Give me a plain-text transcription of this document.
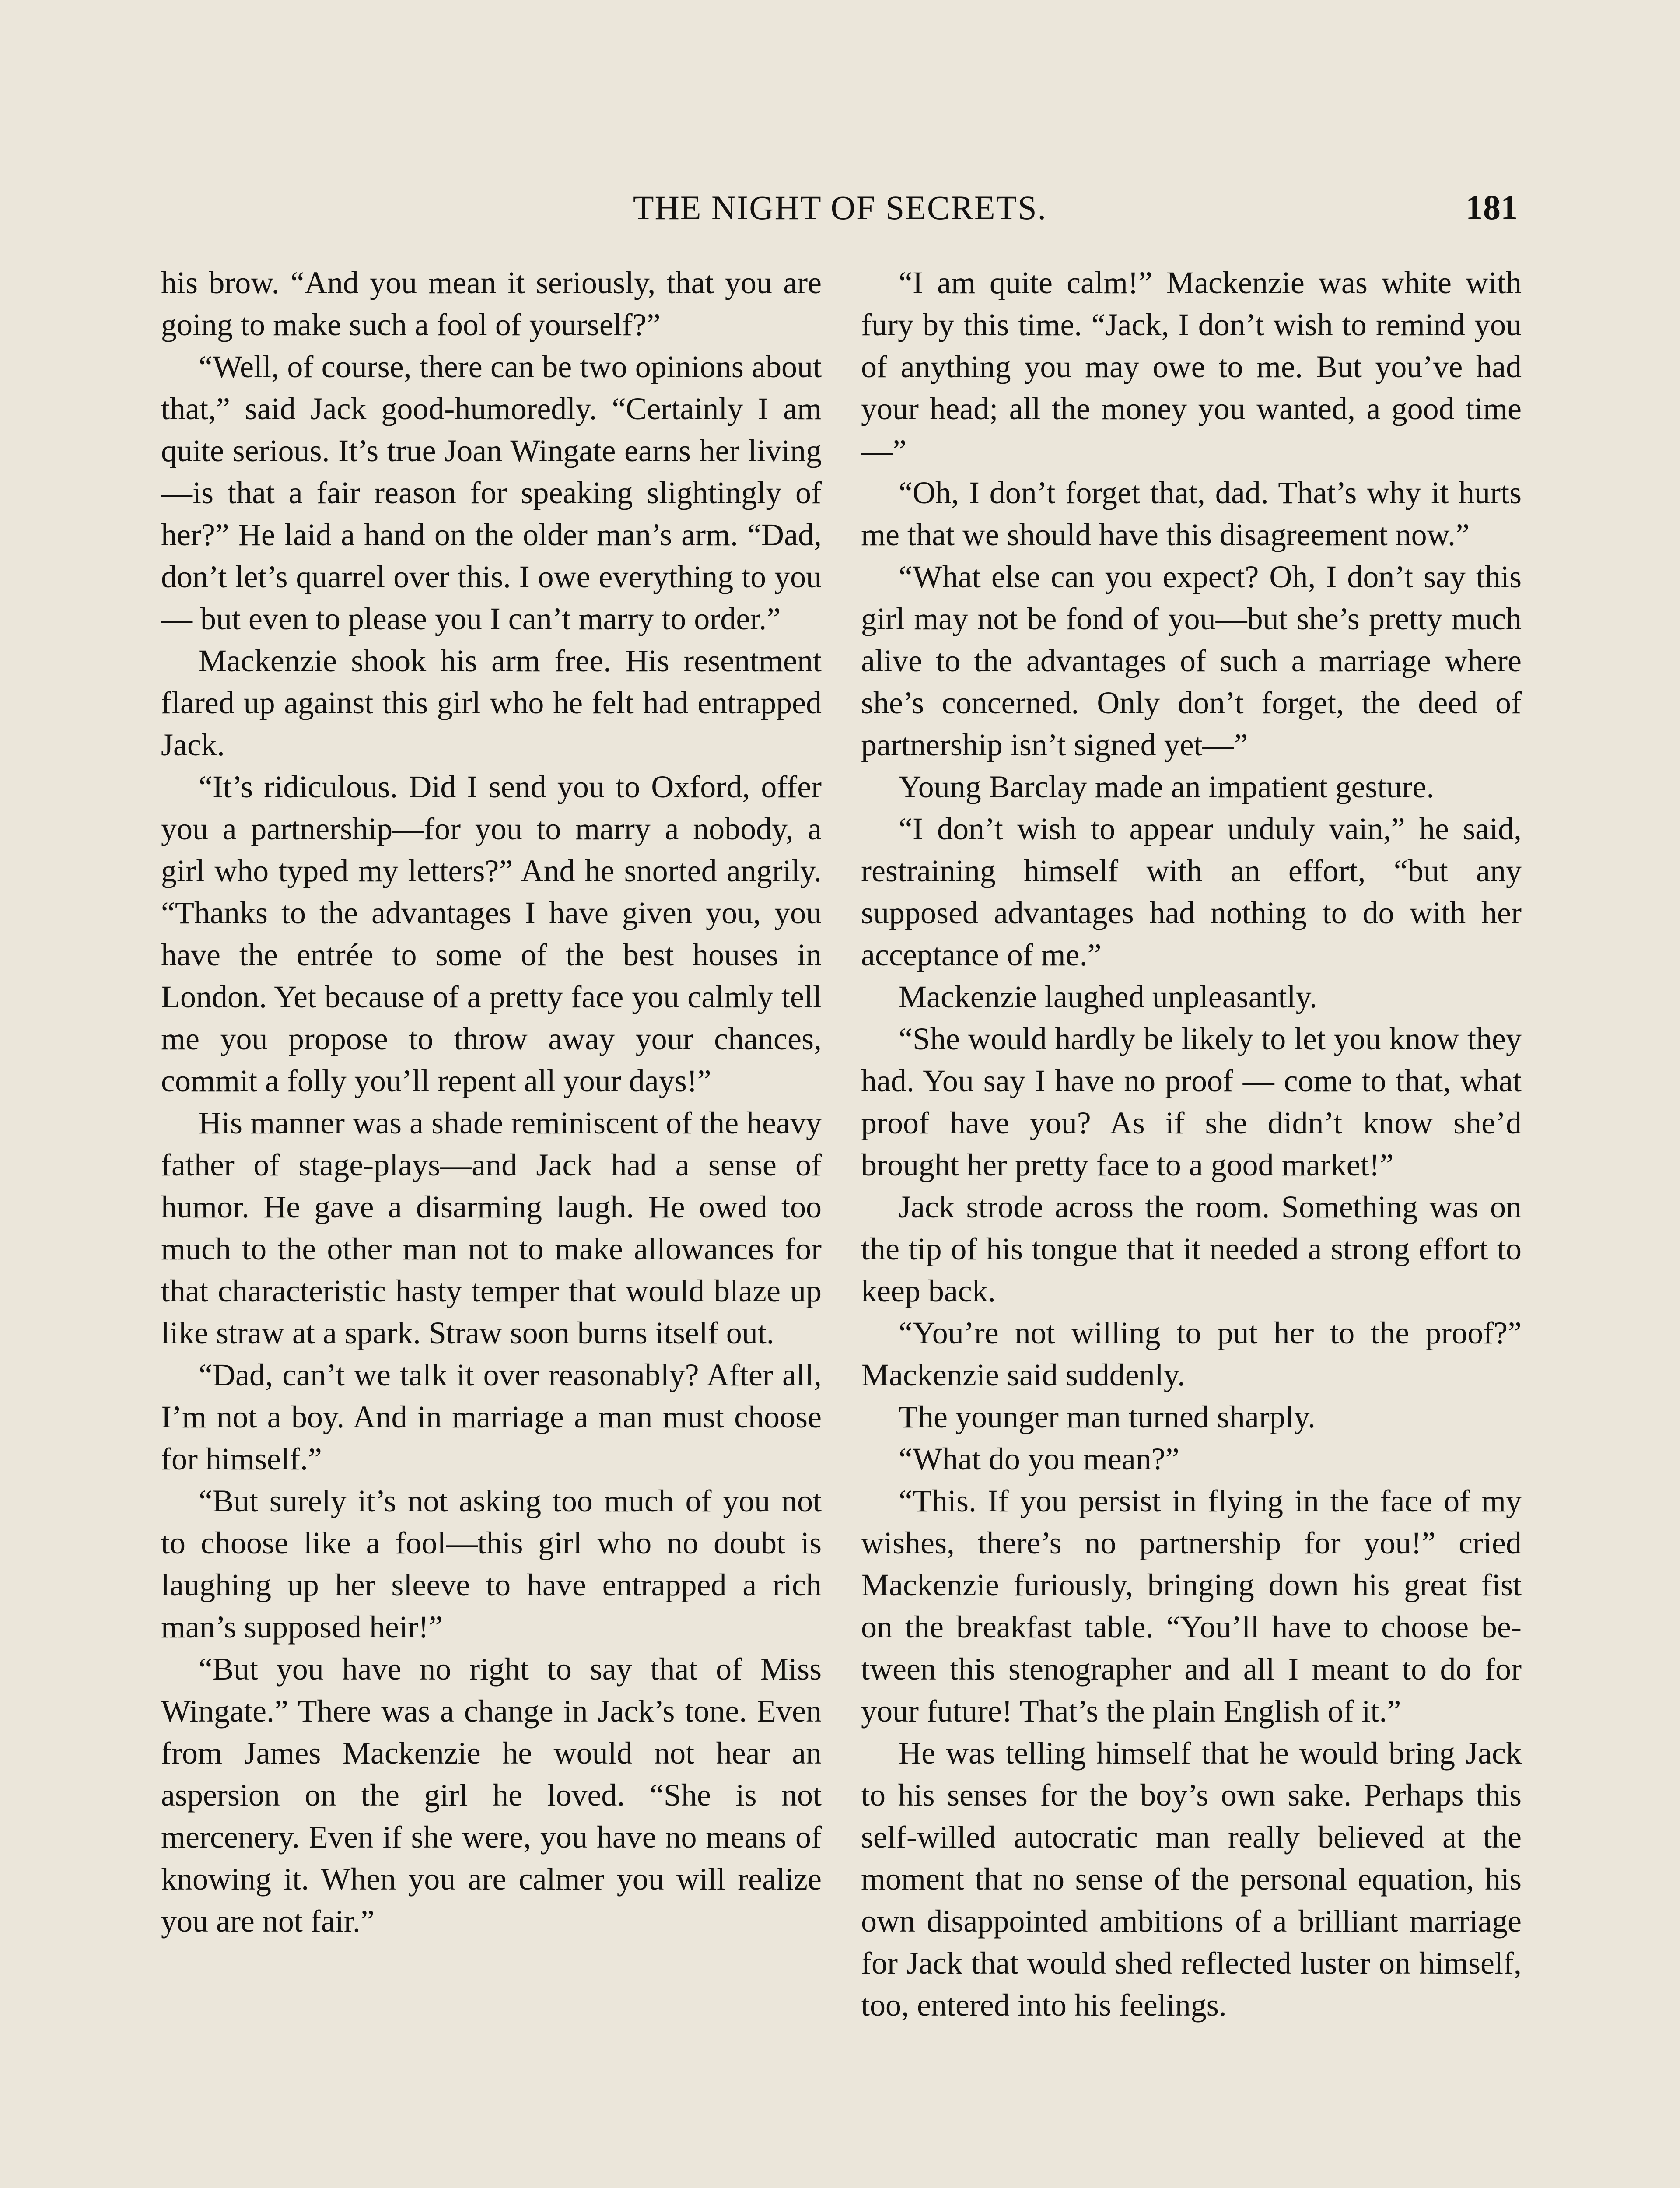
THE NIGHT OF SECRETS.	181

his brow. “And you mean it seriously, that you are going to make such a fool of yourself?”

“Well, of course, there can be two opinions about that,” said Jack good-humoredly. “Certainly I am quite serious. It’s true Joan Wingate earns her living—is that a fair reason for speaking slightingly of her?” He laid a hand on the older man’s arm. “Dad, don’t let’s quarrel over this. I owe everything to you — but even to please you I can’t marry to order.”

Mackenzie shook his arm free. His resentment flared up against this girl who he felt had entrapped Jack.

“It’s ridiculous. Did I send you to Oxford, offer you a partnership—for you to marry a nobody, a girl who typed my letters?” And he snorted angrily. “Thanks to the advantages I have given you, you have the entrée to some of the best houses in London. Yet because of a pretty face you calmly tell me you propose to throw away your chances, commit a folly you’ll repent all your days!”

His manner was a shade reminiscent of the heavy father of stage-plays—and Jack had a sense of humor. He gave a disarming laugh. He owed too much to the other man not to make allowances for that characteristic hasty temper that would blaze up like straw at a spark. Straw soon burns itself out.

“Dad, can’t we talk it over reasonably? After all, I’m not a boy. And in marriage a man must choose for himself.”

“But surely it’s not asking too much of you not to choose like a fool—this girl who no doubt is laughing up her sleeve to have entrapped a rich man’s supposed heir!”

“But you have no right to say that of Miss Wingate.” There was a change in Jack’s tone. Even from James Mackenzie he would not hear an aspersion on the girl he loved. “She is not mercenery. Even if she were, you have no means of knowing it. When you are calmer you will realize you are not fair.”

“I am quite calm!” Mackenzie was white with fury by this time. “Jack, I don’t wish to remind you of anything you may owe to me. But you’ve had your head; all the money you wanted, a good time—”

“Oh, I don’t forget that, dad. That’s why it hurts me that we should have this disagreement now.”

“What else can you expect? Oh, I don’t say this girl may not be fond of you—but she’s pretty much alive to the advantages of such a marriage where she’s concerned. Only don’t forget, the deed of partnership isn’t signed yet—”

Young Barclay made an impatient gesture.

“I don’t wish to appear unduly vain,” he said, restraining himself with an effort, “but any supposed advantages had nothing to do with her acceptance of me.”

Mackenzie laughed unpleasantly.

“She would hardly be likely to let you know they had. You say I have no proof — come to that, what proof have you? As if she didn’t know she’d brought her pretty face to a good market!”

Jack strode across the room. Something was on the tip of his tongue that it needed a strong effort to keep back.

“You’re not willing to put her to the proof?” Mackenzie said suddenly.

The younger man turned sharply.

“What do you mean?”

“This. If you persist in flying in the face of my wishes, there’s no partnership for you!” cried Mackenzie furiously, bringing down his great fist on the breakfast table. “You’ll have to choose between this stenographer and all I meant to do for your future! That’s the plain English of it.”

He was telling himself that he would bring Jack to his senses for the boy’s own sake. Perhaps this self-willed autocratic man really believed at the moment that no sense of the personal equation, his own disappointed ambitions of a brilliant marriage for Jack that would shed reflected luster on himself, too, entered into his feelings.
